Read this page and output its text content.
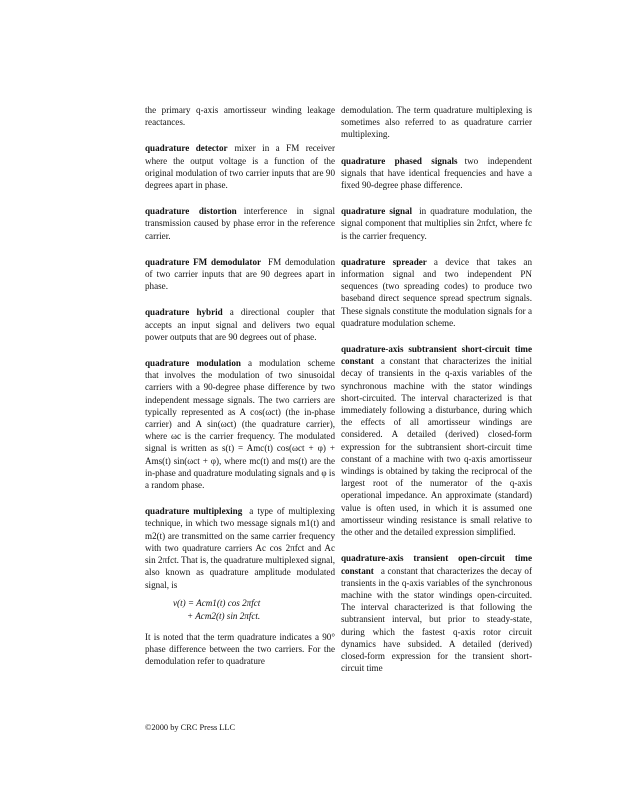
the primary q-axis amortisseur winding leakage reactances.

quadrature detector mixer in a FM receiver where the output voltage is a function of the original modulation of two carrier inputs that are 90 degrees apart in phase.

quadrature distortion interference in signal transmission caused by phase error in the reference carrier.

quadrature FM demodulator FM demodulation of two carrier inputs that are 90 degrees apart in phase.

quadrature hybrid a directional coupler that accepts an input signal and delivers two equal power outputs that are 90 degrees out of phase.

quadrature modulation a modulation scheme that involves the modulation of two sinusoidal carriers with a 90-degree phase difference by two independent message signals. The two carriers are typically represented as A cos(ωct) (the in-phase carrier) and A sin(ωct) (the quadrature carrier), where ωc is the carrier frequency. The modulated signal is written as s(t) = Amc(t) cos(ωct + φ) + Ams(t) sin(ωct + φ), where mc(t) and ms(t) are the in-phase and quadrature modulating signals and φ is a random phase.

quadrature multiplexing a type of multiplexing technique, in which two message signals m1(t) and m2(t) are transmitted on the same carrier frequency with two quadrature carriers Ac cos 2πfct and Ac sin 2πfct. That is, the quadrature multiplexed signal, also known as quadrature amplitude modulated signal, is

v(t) = Acm1(t) cos 2πfct
+ Acm2(t) sin 2πfct.

It is noted that the term quadrature indicates a 90° phase difference between the two carriers. For the demodulation refer to quadrature

demodulation. The term quadrature multiplexing is sometimes also referred to as quadrature carrier multiplexing.

quadrature phased signals two independent signals that have identical frequencies and have a fixed 90-degree phase difference.

quadrature signal in quadrature modulation, the signal component that multiplies sin 2πfct, where fc is the carrier frequency.

quadrature spreader a device that takes an information signal and two independent PN sequences (two spreading codes) to produce two baseband direct sequence spread spectrum signals. These signals constitute the modulation signals for a quadrature modulation scheme.

quadrature-axis subtransient short-circuit time constant a constant that characterizes the initial decay of transients in the q-axis variables of the synchronous machine with the stator windings short-circuited. The interval characterized is that immediately following a disturbance, during which the effects of all amortisseur windings are considered. A detailed (derived) closed-form expression for the subtransient short-circuit time constant of a machine with two q-axis amortisseur windings is obtained by taking the reciprocal of the largest root of the numerator of the q-axis operational impedance. An approximate (standard) value is often used, in which it is assumed one amortisseur winding resistance is small relative to the other and the detailed expression simplified.

quadrature-axis transient open-circuit time constant a constant that characterizes the decay of transients in the q-axis variables of the synchronous machine with the stator windings open-circuited. The interval characterized is that following the subtransient interval, but prior to steady-state, during which the fastest q-axis rotor circuit dynamics have subsided. A detailed (derived) closed-form expression for the transient short-circuit time

©2000 by CRC Press LLC
